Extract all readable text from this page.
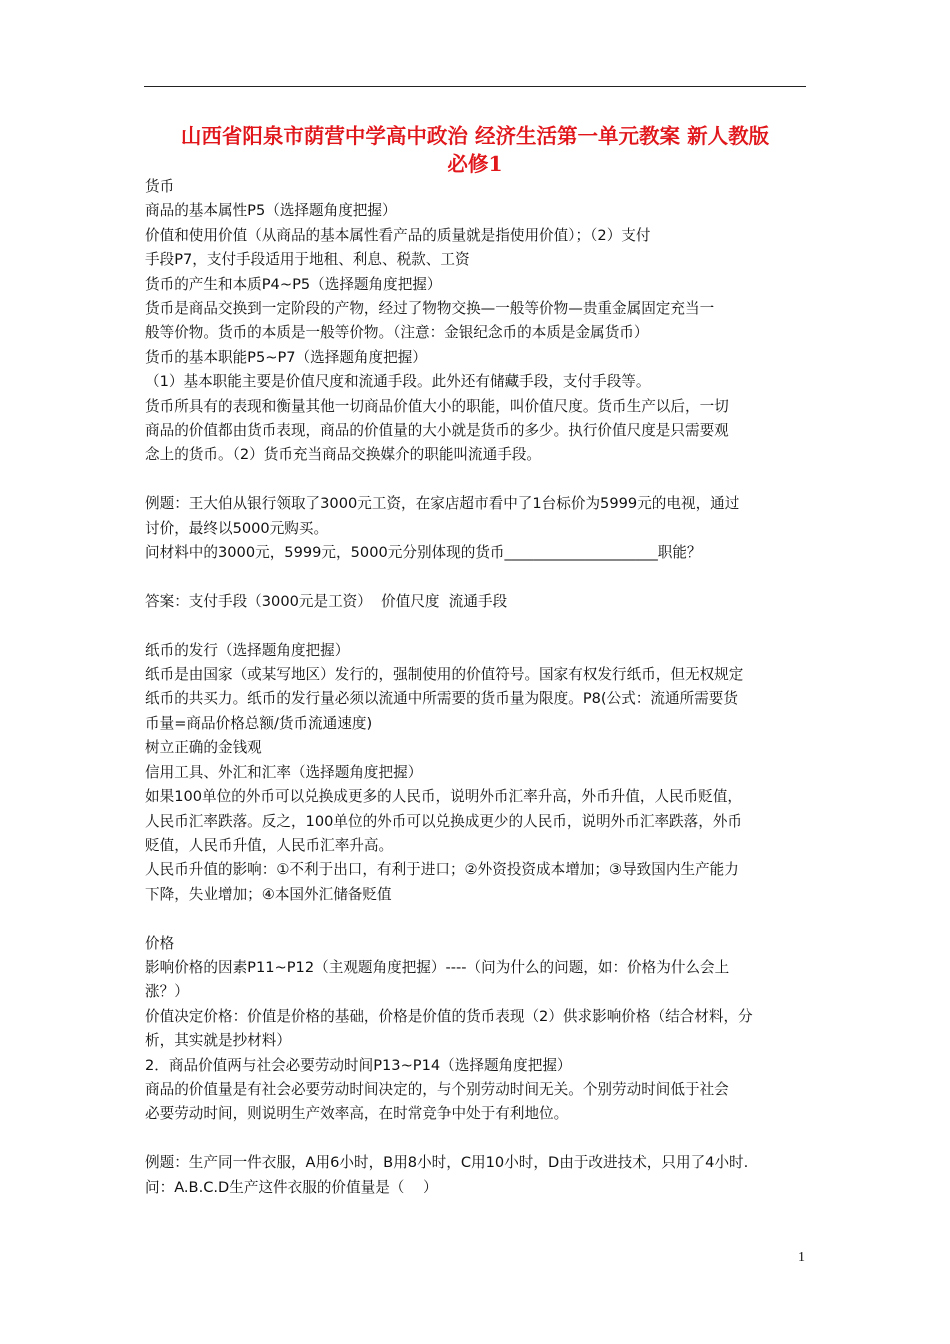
山西省阳泉市荫营中学高中政治 经济生活第一单元教案 新人教版
必修1

货币

商品的基本属性P5（选择题角度把握）

价值和使用价值（从商品的基本属性看产品的质量就是指使用价值）；（2）支付

手段P7，支付手段适用于地租、利息、税款、工资

货币的产生和本质P4~P5（选择题角度把握）

货币是商品交换到一定阶段的产物，经过了物物交换—一般等价物—贵重金属固定充当一

般等价物。货币的本质是一般等价物。（注意：金银纪念币的本质是金属货币）

货币的基本职能P5~P7（选择题角度把握）

（1）基本职能主要是价值尺度和流通手段。此外还有储藏手段，支付手段等。

货币所具有的表现和衡量其他一切商品价值大小的职能，叫价值尺度。货币生产以后，一切

商品的价值都由货币表现，商品的价值量的大小就是货币的多少。执行价值尺度是只需要观

念上的货币。（2）货币充当商品交换媒介的职能叫流通手段。

例题：王大伯从银行领取了3000元工资，在家店超市看中了1台标价为5999元的电视，通过

讨价，最终以5000元购买。

问材料中的3000元，5999元，5000元分别体现的货币_____________________职能？

答案：支付手段（3000元是工资）  价值尺度  流通手段

纸币的发行（选择题角度把握）

纸币是由国家（或某写地区）发行的，强制使用的价值符号。国家有权发行纸币，但无权规定

纸币的共买力。纸币的发行量必须以流通中所需要的货币量为限度。P8(公式：流通所需要货

币量=商品价格总额/货币流通速度)

树立正确的金钱观

信用工具、外汇和汇率（选择题角度把握）

如果100单位的外币可以兑换成更多的人民币，说明外币汇率升高，外币升值，人民币贬值，

人民币汇率跌落。反之，100单位的外币可以兑换成更少的人民币，说明外币汇率跌落，外币

贬值，人民币升值，人民币汇率升高。

人民币升值的影响：①不利于出口，有利于进口；②外资投资成本增加；③导致国内生产能力

下降，失业增加；④本国外汇储备贬值

价格

影响价格的因素P11~P12（主观题角度把握）----（问为什么的问题，如：价格为什么会上

涨？）

价值决定价格：价值是价格的基础，价格是价值的货币表现（2）供求影响价格（结合材料，分

析，其实就是抄材料）

2．商品价值两与社会必要劳动时间P13~P14（选择题角度把握）

商品的价值量是有社会必要劳动时间决定的，与个别劳动时间无关。个别劳动时间低于社会

必要劳动时间，则说明生产效率高，在时常竞争中处于有利地位。

例题：生产同一件衣服，A用6小时，B用8小时，C用10小时，D由于改进技术，只用了4小时.

问：A.B.C.D生产这件衣服的价值量是（    ）

1
